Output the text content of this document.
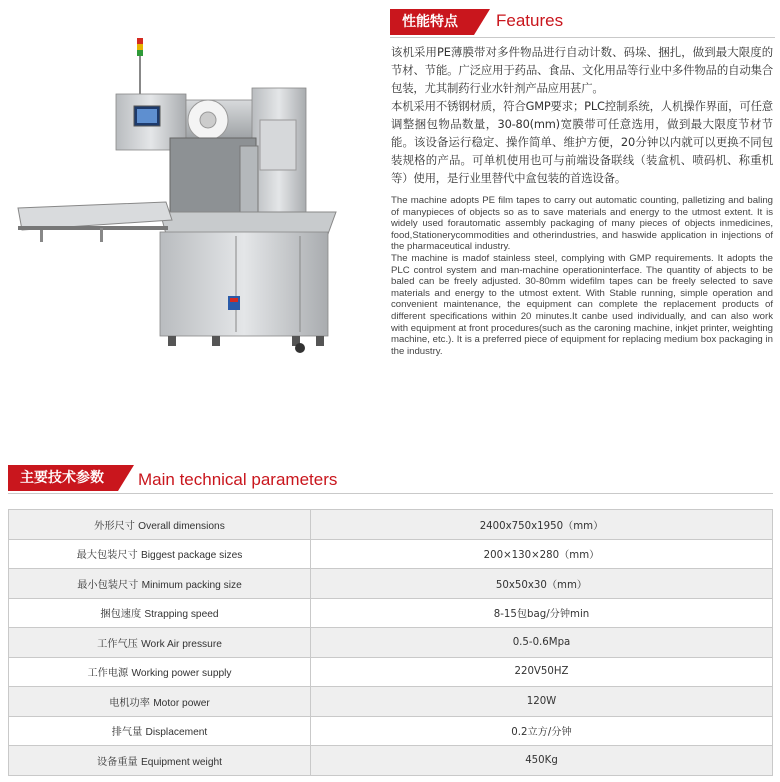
性能特点	Features

该机采用PE薄膜带对多件物品进行自动计数、码垛、捆扎，做到最大限度的节材、节能。广泛应用于药品、食品、文化用品等行业中多件物品的自动集合包装，尤其制药行业水针剂产品应用甚广。

本机采用不锈钢材质，符合GMP要求；PLC控制系统，人机操作界面，可任意调整捆包物品数量，30-80(mm)宽膜带可任意选用，做到最大限度节材节能。该设备运行稳定、操作简单、维护方便，20分钟以内就可以更换不同包装规格的产品。可单机使用也可与前端设备联线（装盒机、喷码机、称重机等）使用，是行业里替代中盒包装的首选设备。

The machine adopts PE film tapes to carry out automatic counting, palletizing and baling of manypieces of objects so as to save materials and energy to the utmost extent. It is widely used forautomatic assembly packaging of many pieces of objects inmedicines, food,Stationerycommodities and otherindustries, and haswide application in injections of the pharmaceutical industry.

The machine is madof stainless steel, complying with GMP requirements. It adopts the PLC control system and man-machine operationinterface. The quantity of abjects to be baled can be freely adjusted. 30-80mm widefilm tapes can be freely selected to save materials and energy to the utmost extent. With Stable running, simple operation and convenient maintenance, the equipment can complete the replacement products of different specifications within 20 minutes.It canbe used individually, and can also work with equipment at front procedures(such as the caroning machine, inkjet printer, weighting machine, etc.). It is a preferred piece of equipment for replacing medium box packaging in the industry.

主要技术参数	Main technical parameters
外形尺寸 Overall dimensions	2400x750x1950（mm）
最大包装尺寸 Biggest package sizes	200×130×280（mm）
最小包装尺寸 Minimum packing size	50x50x30（mm）
捆包速度 Strapping speed	8-15包bag/分钟min
工作气压 Work Air pressure	0.5-0.6Mpa
工作电源 Working power supply	220V50HZ
电机功率 Motor power	120W
排气量 Displacement	0.2立方/分钟
设备重量 Equipment weight	450Kg
